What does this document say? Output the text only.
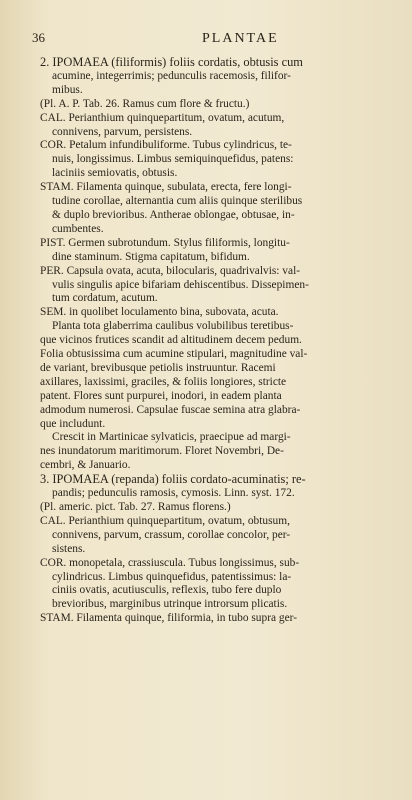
36	PLANTAE

2. IPOMAEA (filiformis) foliis cordatis, obtusis cum

acumine, integerrimis; pedunculis racemosis, filifor-

mibus.

(Pl. A. P. Tab. 26. Ramus cum flore & fructu.)

CAL. Perianthium quinquepartitum, ovatum, acutum,

connivens, parvum, persistens.

COR. Petalum infundibuliforme. Tubus cylindricus, te-

nuis, longissimus. Limbus semiquinquefidus, patens:

laciniis semiovatis, obtusis.

STAM. Filamenta quinque, subulata, erecta, fere longi-

tudine corollae, alternantia cum aliis quinque sterilibus

& duplo brevioribus. Antherae oblongae, obtusae, in-

cumbentes.

PIST. Germen subrotundum. Stylus filiformis, longitu-

dine staminum. Stigma capitatum, bifidum.

PER. Capsula ovata, acuta, bilocularis, quadrivalvis: val-

vulis singulis apice bifariam dehiscentibus. Dissepimen-

tum cordatum, acutum.

SEM. in quolibet loculamento bina, subovata, acuta.

Planta tota glaberrima caulibus volubilibus teretibus-

que vicinos frutices scandit ad altitudinem decem pedum.

Folia obtusissima cum acumine stipulari, magnitudine val-

de variant, brevibusque petiolis instruuntur. Racemi

axillares, laxissimi, graciles, & foliis longiores, stricte

patent. Flores sunt purpurei, inodori, in eadem planta

admodum numerosi. Capsulae fuscae semina atra glabra-

que includunt.

Crescit in Martinicae sylvaticis, praecipue ad margi-

nes inundatorum maritimorum. Floret Novembri, De-

cembri, & Januario.

3. IPOMAEA (repanda) foliis cordato-acuminatis; re-

pandis; pedunculis ramosis, cymosis. Linn. syst. 172.

(Pl. americ. pict. Tab. 27. Ramus florens.)

CAL. Perianthium quinquepartitum, ovatum, obtusum,

connivens, parvum, crassum, corollae concolor, per-

sistens.

COR. monopetala, crassiuscula. Tubus longissimus, sub-

cylindricus. Limbus quinquefidus, patentissimus: la-

ciniis ovatis, acutiusculis, reflexis, tubo fere duplo

brevioribus, marginibus utrinque introrsum plicatis.

STAM. Filamenta quinque, filiformia, in tubo supra ger-
